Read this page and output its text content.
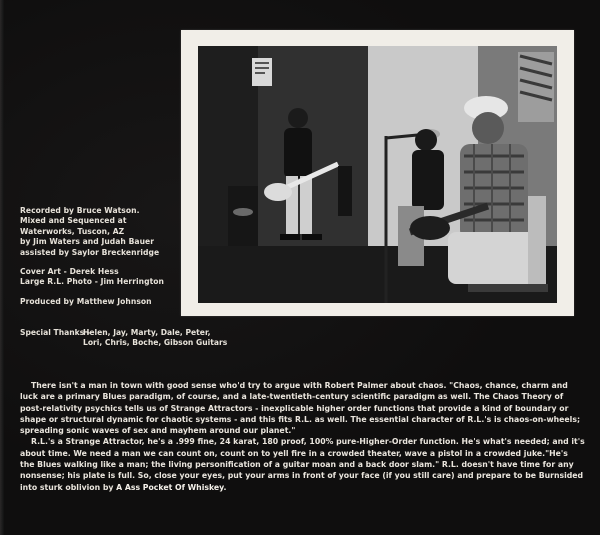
Recorded by Bruce Watson.
Mixed and Sequenced at
Waterworks, Tuscon, AZ
by Jim Waters and Judah Bauer
assisted by Saylor Breckenridge
Cover Art - Derek Hess
Large R.L. Photo - Jim Herrington
Produced by Matthew Johnson
Special Thanks -
Helen, Jay, Marty, Dale, Peter,
Lori, Chris, Boche, Gibson Guitars

There isn't a man in town with good sense who'd try to argue with Robert Palmer about chaos. "Chaos, chance, charm and luck are a primary Blues paradigm, of course, and a late-twentieth-century scientific paradigm as well. The Chaos Theory of post-relativity psychics tells us of Strange Attractors - inexplicable higher order functions that provide a kind of boundary or shape or structural dynamic for chaotic systems - and this fits R.L. as well. The essential character of R.L.'s is chaos-on-wheels; spreading sonic waves of sex and mayhem around our planet."

R.L.'s a Strange Attractor, he's a .999 fine, 24 karat, 180 proof, 100% pure-Higher-Order function. He's what's needed; and it's about time. We need a man we can count on, count on to yell fire in a crowded theater, wave a pistol in a crowded juke."He's the Blues walking like a man; the living personification of a guitar moan and a back door slam." R.L. doesn't have time for any nonsense; his plate is full. So, close your eyes, put your arms in front of your face (if you still care) and prepare to be Burnsided into sturk oblivion by A Ass Pocket Of Whiskey.
